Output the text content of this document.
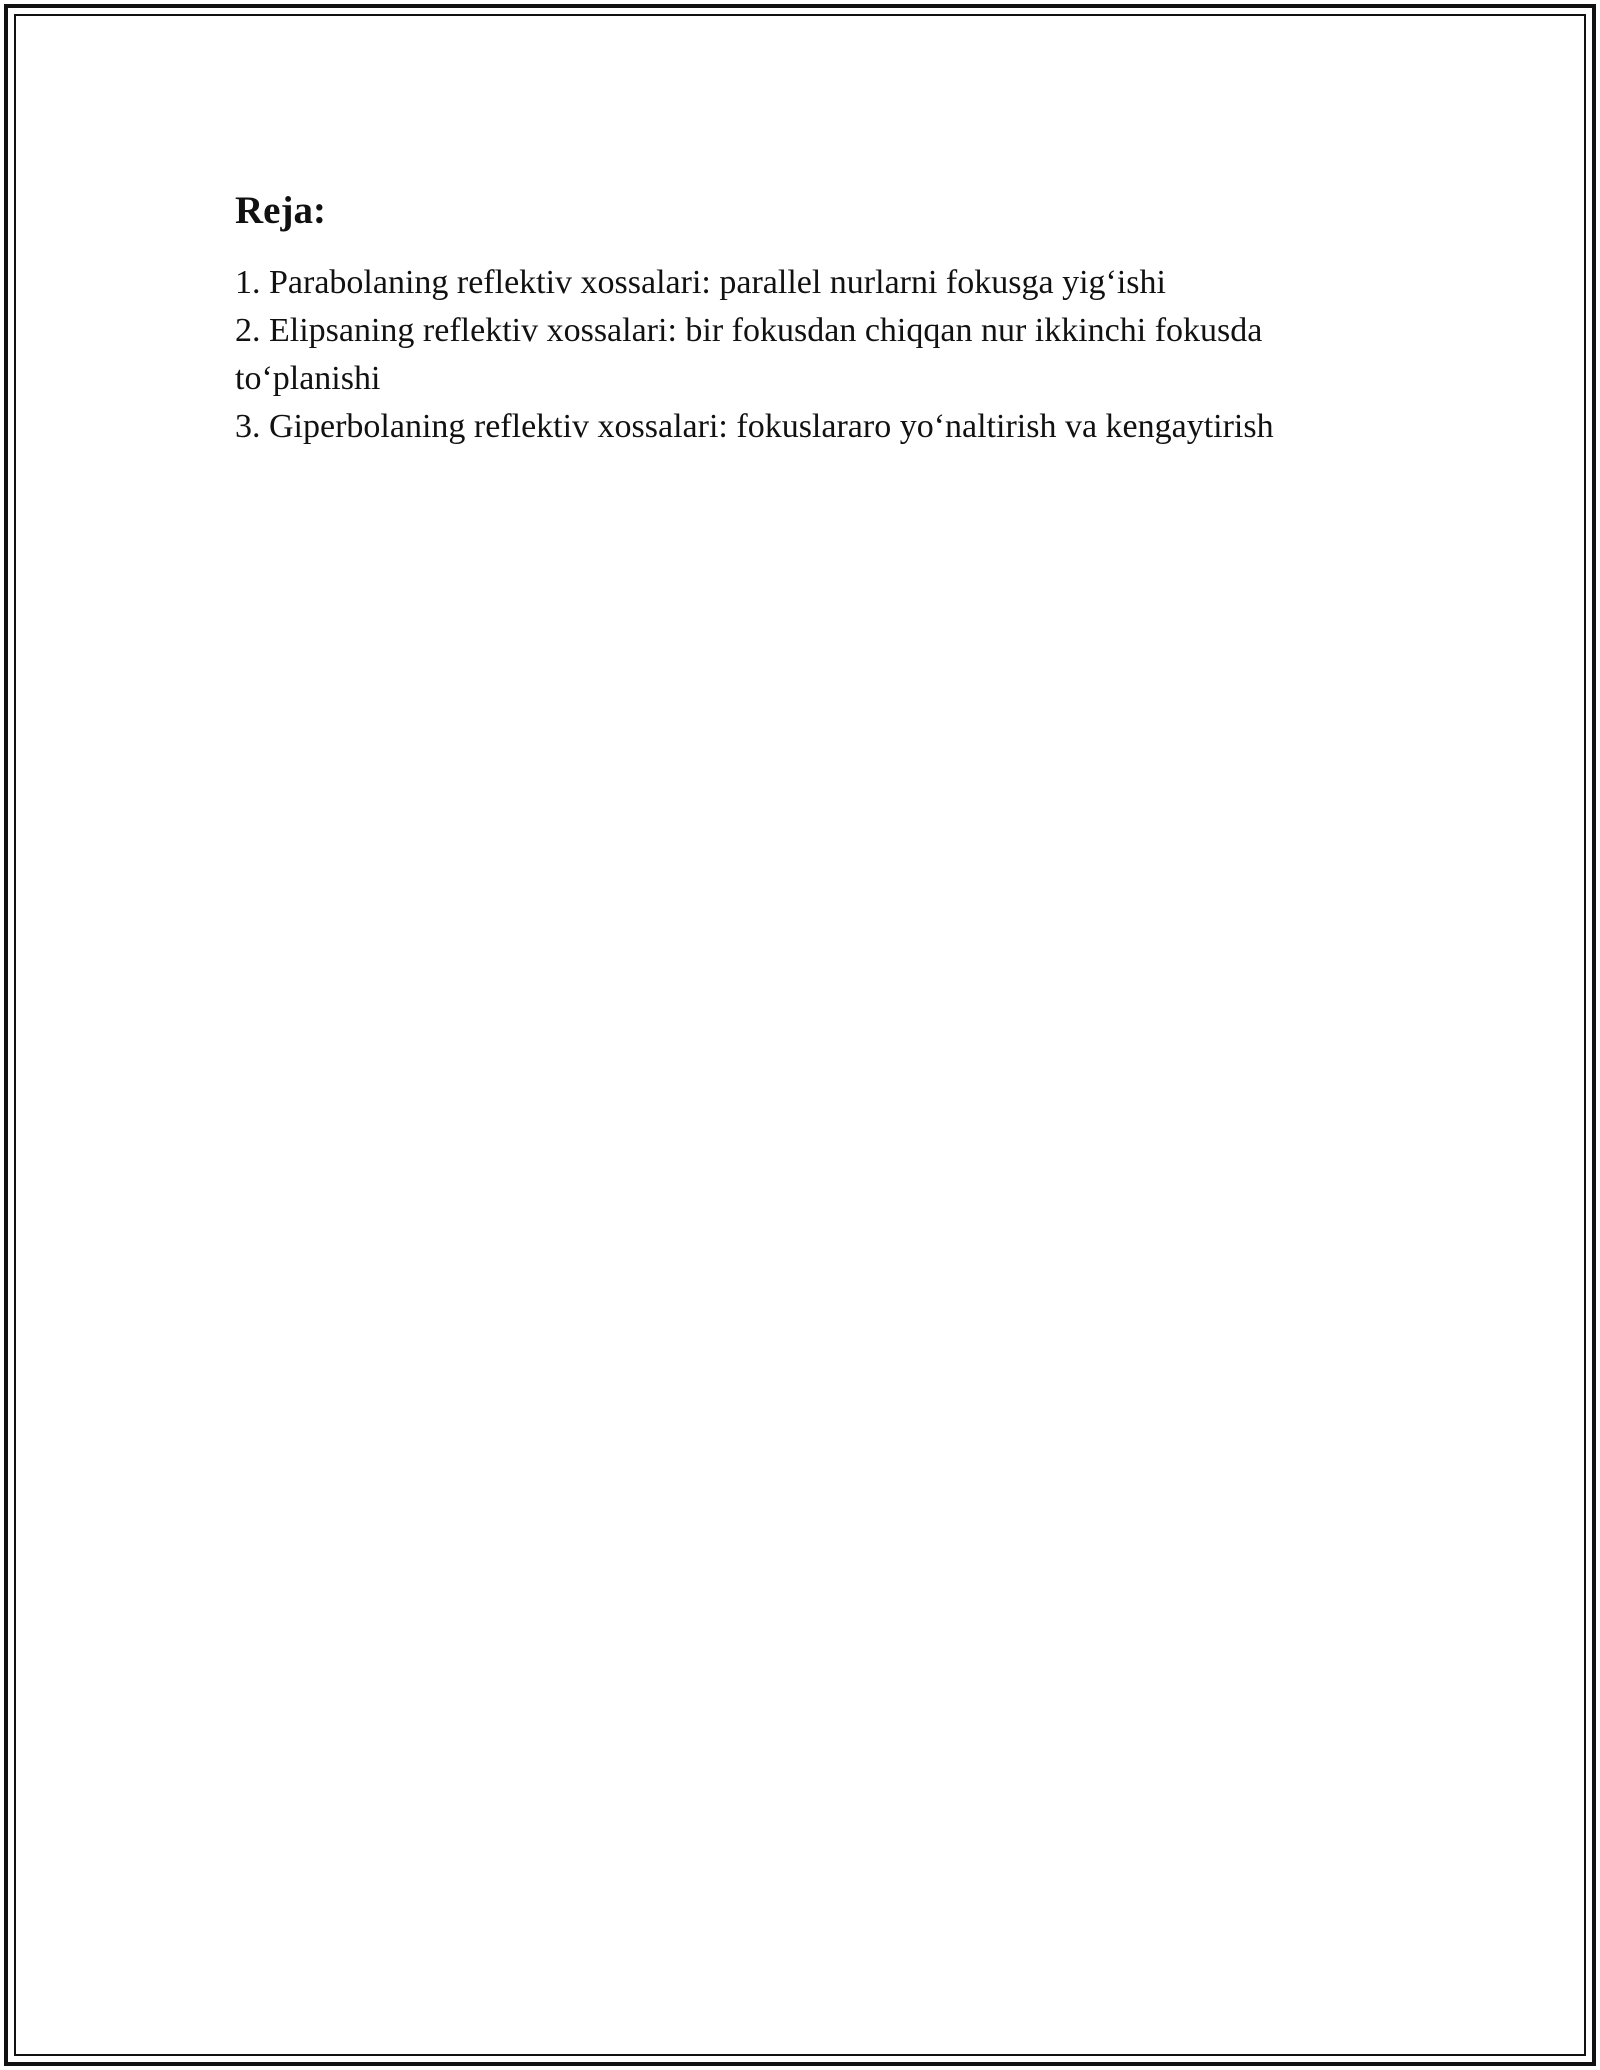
Reja:

1. Parabolaning reflektiv xossalari: parallel nurlarni fokusga yig‘ishi

2. Elipsaning reflektiv xossalari: bir fokusdan chiqqan nur ikkinchi fokusda to‘planishi

3. Giperbolaning reflektiv xossalari: fokuslararo yo‘naltirish va kengaytirish
